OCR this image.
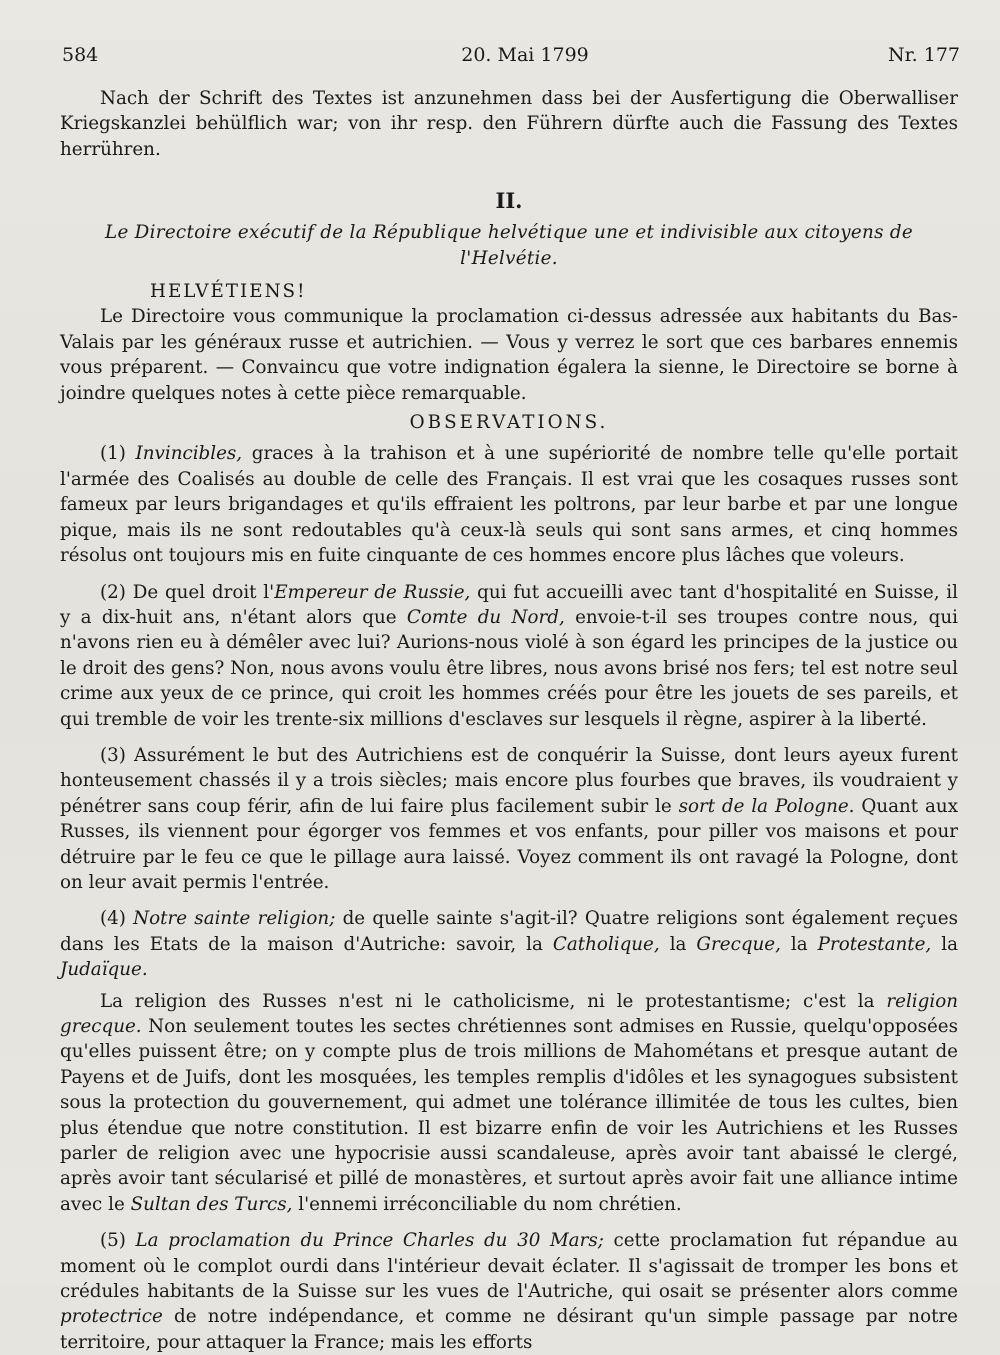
584	20. Mai 1799	Nr. 177

Nach der Schrift des Textes ist anzunehmen dass bei der Ausfertigung die Oberwalliser Kriegskanzlei behülflich war; von ihr resp. den Führern dürfte auch die Fassung des Textes herrühren.

II.

Le Directoire exécutif de la République helvétique une et indivisible aux citoyens de l'Helvétie.

HELVÉTIENS!

Le Directoire vous communique la proclamation ci-dessus adressée aux habitants du Bas-Valais par les généraux russe et autrichien. — Vous y verrez le sort que ces barbares ennemis vous préparent. — Convaincu que votre indignation égalera la sienne, le Directoire se borne à joindre quelques notes à cette pièce remarquable.

OBSERVATIONS.

(1) Invincibles, graces à la trahison et à une supériorité de nombre telle qu'elle portait l'armée des Coalisés au double de celle des Français. Il est vrai que les cosaques russes sont fameux par leurs brigandages et qu'ils effraient les poltrons, par leur barbe et par une longue pique, mais ils ne sont redoutables qu'à ceux-là seuls qui sont sans armes, et cinq hommes résolus ont toujours mis en fuite cinquante de ces hommes encore plus lâches que voleurs.

(2) De quel droit l'Empereur de Russie, qui fut accueilli avec tant d'hospitalité en Suisse, il y a dix-huit ans, n'étant alors que Comte du Nord, envoie-t-il ses troupes contre nous, qui n'avons rien eu à démêler avec lui? Aurions-nous violé à son égard les principes de la justice ou le droit des gens? Non, nous avons voulu être libres, nous avons brisé nos fers; tel est notre seul crime aux yeux de ce prince, qui croit les hommes créés pour être les jouets de ses pareils, et qui tremble de voir les trente-six millions d'esclaves sur lesquels il règne, aspirer à la liberté.

(3) Assurément le but des Autrichiens est de conquérir la Suisse, dont leurs ayeux furent honteusement chassés il y a trois siècles; mais encore plus fourbes que braves, ils voudraient y pénétrer sans coup férir, afin de lui faire plus facilement subir le sort de la Pologne. Quant aux Russes, ils viennent pour égorger vos femmes et vos enfants, pour piller vos maisons et pour détruire par le feu ce que le pillage aura laissé. Voyez comment ils ont ravagé la Pologne, dont on leur avait permis l'entrée.

(4) Notre sainte religion; de quelle sainte s'agit-il? Quatre religions sont également reçues dans les Etats de la maison d'Autriche: savoir, la Catholique, la Grecque, la Protestante, la Judaïque.

La religion des Russes n'est ni le catholicisme, ni le protestantisme; c'est la religion grecque. Non seulement toutes les sectes chrétiennes sont admises en Russie, quelqu'opposées qu'elles puissent être; on y compte plus de trois millions de Mahométans et presque autant de Payens et de Juifs, dont les mosquées, les temples remplis d'idôles et les synagogues subsistent sous la protection du gouvernement, qui admet une tolérance illimitée de tous les cultes, bien plus étendue que notre constitution. Il est bizarre enfin de voir les Autrichiens et les Russes parler de religion avec une hypocrisie aussi scandaleuse, après avoir tant abaissé le clergé, après avoir tant sécularisé et pillé de monastères, et surtout après avoir fait une alliance intime avec le Sultan des Turcs, l'ennemi irréconciliable du nom chrétien.

(5) La proclamation du Prince Charles du 30 Mars; cette proclamation fut répandue au moment où le complot ourdi dans l'intérieur devait éclater. Il s'agissait de tromper les bons et crédules habitants de la Suisse sur les vues de l'Autriche, qui osait se présenter alors comme protectrice de notre indépendance, et comme ne désirant qu'un simple passage par notre territoire, pour attaquer la France; mais les efforts
